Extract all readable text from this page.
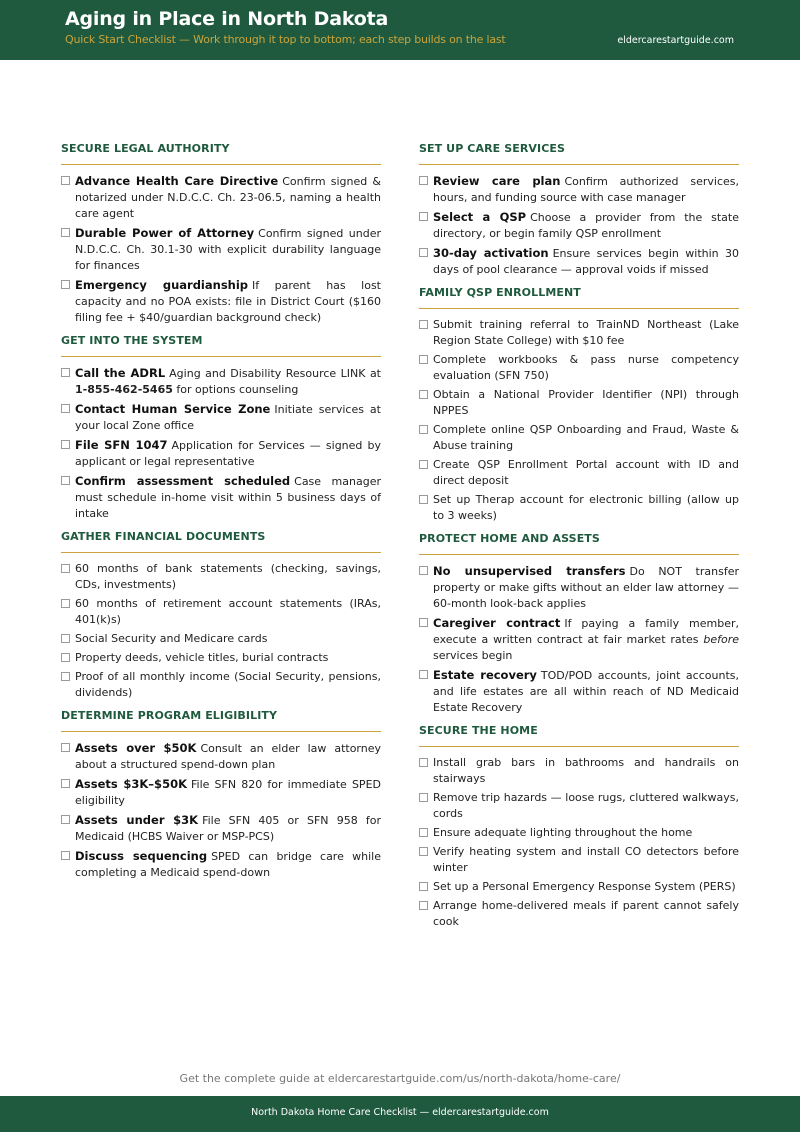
Aging in Place in North Dakota
Quick Start Checklist — Work through it top to bottom; each step builds on the last	eldercarestartguide.com
SECURE LEGAL AUTHORITY
Advance Health Care Directive Confirm signed & notarized under N.D.C.C. Ch. 23-06.5, naming a health care agent
Durable Power of Attorney Confirm signed under N.D.C.C. Ch. 30.1-30 with explicit durability language for finances
Emergency guardianship If parent has lost capacity and no POA exists: file in District Court ($160 filing fee + $40/guardian background check)
GET INTO THE SYSTEM
Call the ADRL Aging and Disability Resource LINK at 1-855-462-5465 for options counseling
Contact Human Service Zone Initiate services at your local Zone office
File SFN 1047 Application for Services — signed by applicant or legal representative
Confirm assessment scheduled Case manager must schedule in-home visit within 5 business days of intake
GATHER FINANCIAL DOCUMENTS
60 months of bank statements (checking, savings, CDs, investments)
60 months of retirement account statements (IRAs, 401(k)s)
Social Security and Medicare cards
Property deeds, vehicle titles, burial contracts
Proof of all monthly income (Social Security, pensions, dividends)
DETERMINE PROGRAM ELIGIBILITY
Assets over $50K Consult an elder law attorney about a structured spend-down plan
Assets $3K–$50K File SFN 820 for immediate SPED eligibility
Assets under $3K File SFN 405 or SFN 958 for Medicaid (HCBS Waiver or MSP-PCS)
Discuss sequencing SPED can bridge care while completing a Medicaid spend-down
SET UP CARE SERVICES
Review care plan Confirm authorized services, hours, and funding source with case manager
Select a QSP Choose a provider from the state directory, or begin family QSP enrollment
30-day activation Ensure services begin within 30 days of pool clearance — approval voids if missed
FAMILY QSP ENROLLMENT
Submit training referral to TrainND Northeast (Lake Region State College) with $10 fee
Complete workbooks & pass nurse competency evaluation (SFN 750)
Obtain a National Provider Identifier (NPI) through NPPES
Complete online QSP Onboarding and Fraud, Waste & Abuse training
Create QSP Enrollment Portal account with ID and direct deposit
Set up Therap account for electronic billing (allow up to 3 weeks)
PROTECT HOME AND ASSETS
No unsupervised transfers Do NOT transfer property or make gifts without an elder law attorney — 60-month look-back applies
Caregiver contract If paying a family member, execute a written contract at fair market rates before services begin
Estate recovery TOD/POD accounts, joint accounts, and life estates are all within reach of ND Medicaid Estate Recovery
SECURE THE HOME
Install grab bars in bathrooms and handrails on stairways
Remove trip hazards — loose rugs, cluttered walkways, cords
Ensure adequate lighting throughout the home
Verify heating system and install CO detectors before winter
Set up a Personal Emergency Response System (PERS)
Arrange home-delivered meals if parent cannot safely cook
Get the complete guide at eldercarestartguide.com/us/north-dakota/home-care/
North Dakota Home Care Checklist — eldercarestartguide.com
